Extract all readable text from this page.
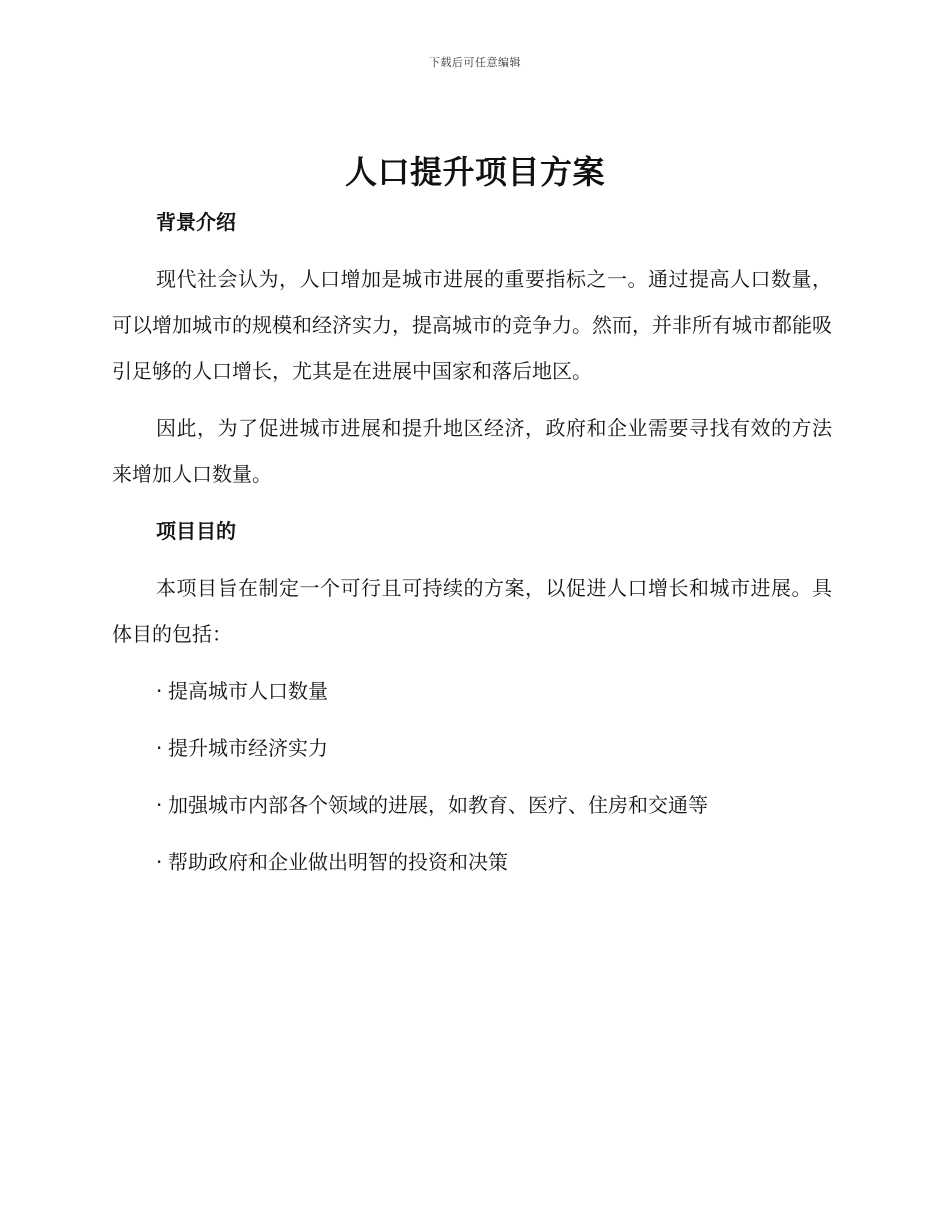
下载后可任意编辑
人口提升项目方案

背景介绍

现代社会认为，人口增加是城市进展的重要指标之一。通过提高人口数量，可以增加城市的规模和经济实力，提高城市的竞争力。然而，并非所有城市都能吸引足够的人口增长，尤其是在进展中国家和落后地区。

因此，为了促进城市进展和提升地区经济，政府和企业需要寻找有效的方法来增加人口数量。

项目目的

本项目旨在制定一个可行且可持续的方案，以促进人口增长和城市进展。具体目的包括：

· 提高城市人口数量

· 提升城市经济实力

· 加强城市内部各个领域的进展，如教育、医疗、住房和交通等

· 帮助政府和企业做出明智的投资和决策
